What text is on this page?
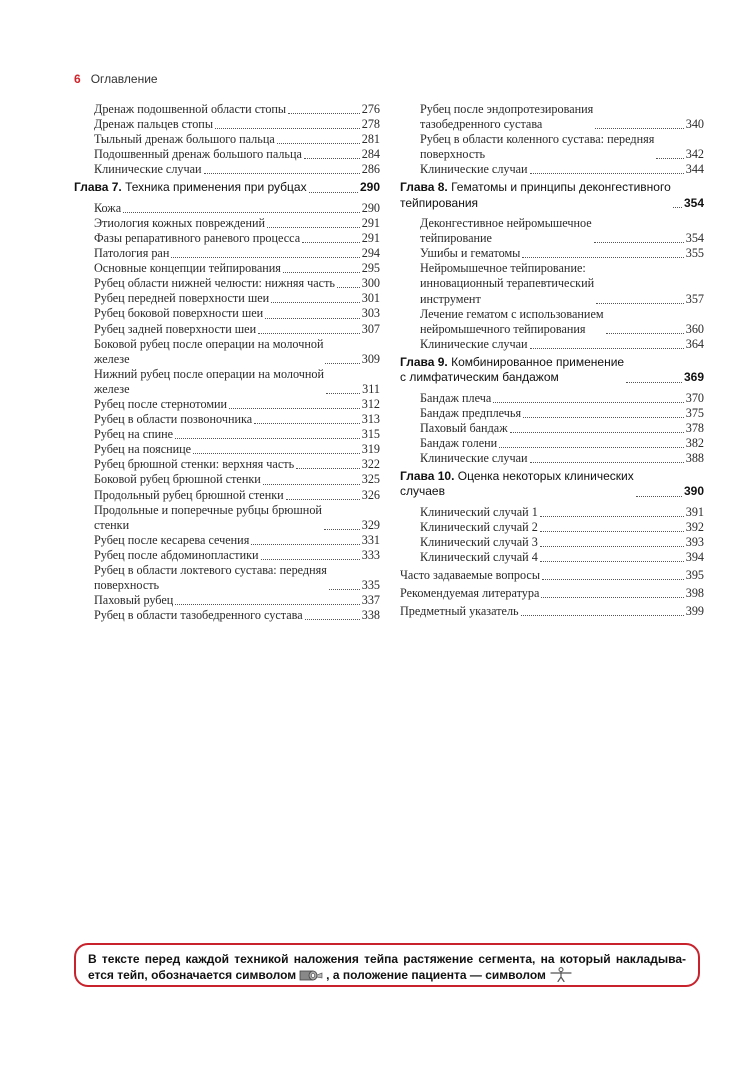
6 Оглавление
Дренаж подошвенной области стопы	276
Дренаж пальцев стопы	278
Тыльный дренаж большого пальца	281
Подошвенный дренаж большого пальца	284
Клинические случаи	286
Глава 7. Техника применения при рубцах	290
Кожа	290
Этиология кожных повреждений	291
Фазы репаративного раневого процесса	291
Патология ран	294
Основные концепции тейпирования	295
Рубец области нижней челюсти: нижняя часть 300
Рубец передней поверхности шеи	301
Рубец боковой поверхности шеи	303
Рубец задней поверхности шеи	307
Боковой рубец после операции на молочной
железе	309
Нижний рубец после операции на молочной
железе	311
Рубец после стернотомии	312
Рубец в области позвоночника	313
Рубец на спине	315
Рубец на пояснице	319
Рубец брюшной стенки: верхняя часть	322
Боковой рубец брюшной стенки	325
Продольный рубец брюшной стенки	326
Продольные и поперечные рубцы брюшной
стенки	329
Рубец после кесарева сечения	331
Рубец после абдоминопластики	333
Рубец в области локтевого сустава: передняя
поверхность	335
Паховый рубец	337
Рубец в области тазобедренного сустава	338
Рубец после эндопротезирования
тазобедренного сустава	340
Рубец в области коленного сустава: передняя
поверхность	342
Клинические случаи	344
Глава 8. Гематомы и принципы деконгестивного
тейпирования	354
Деконгестивное нейромышечное
тейпирование	354
Ушибы и гематомы	355
Нейромышечное тейпирование:
инновационный терапевтический
инструмент	357
Лечение гематом с использованием
нейромышечного тейпирования	360
Клинические случаи	364
Глава 9. Комбинированное применение
с лимфатическим бандажом	369
Бандаж плеча	370
Бандаж предплечья	375
Паховый бандаж	378
Бандаж голени	382
Клинические случаи	388
Глава 10. Оценка некоторых клинических
случаев	390
Клинический случай 1	391
Клинический случай 2	392
Клинический случай 3	393
Клинический случай 4	394
Часто задаваемые вопросы	395
Рекомендуемая литература	398
Предметный указатель	399
В тексте перед каждой техникой наложения тейпа растяжение сегмента, на который накладыва-ется тейп, обозначается символом	, а положение пациента — символом
